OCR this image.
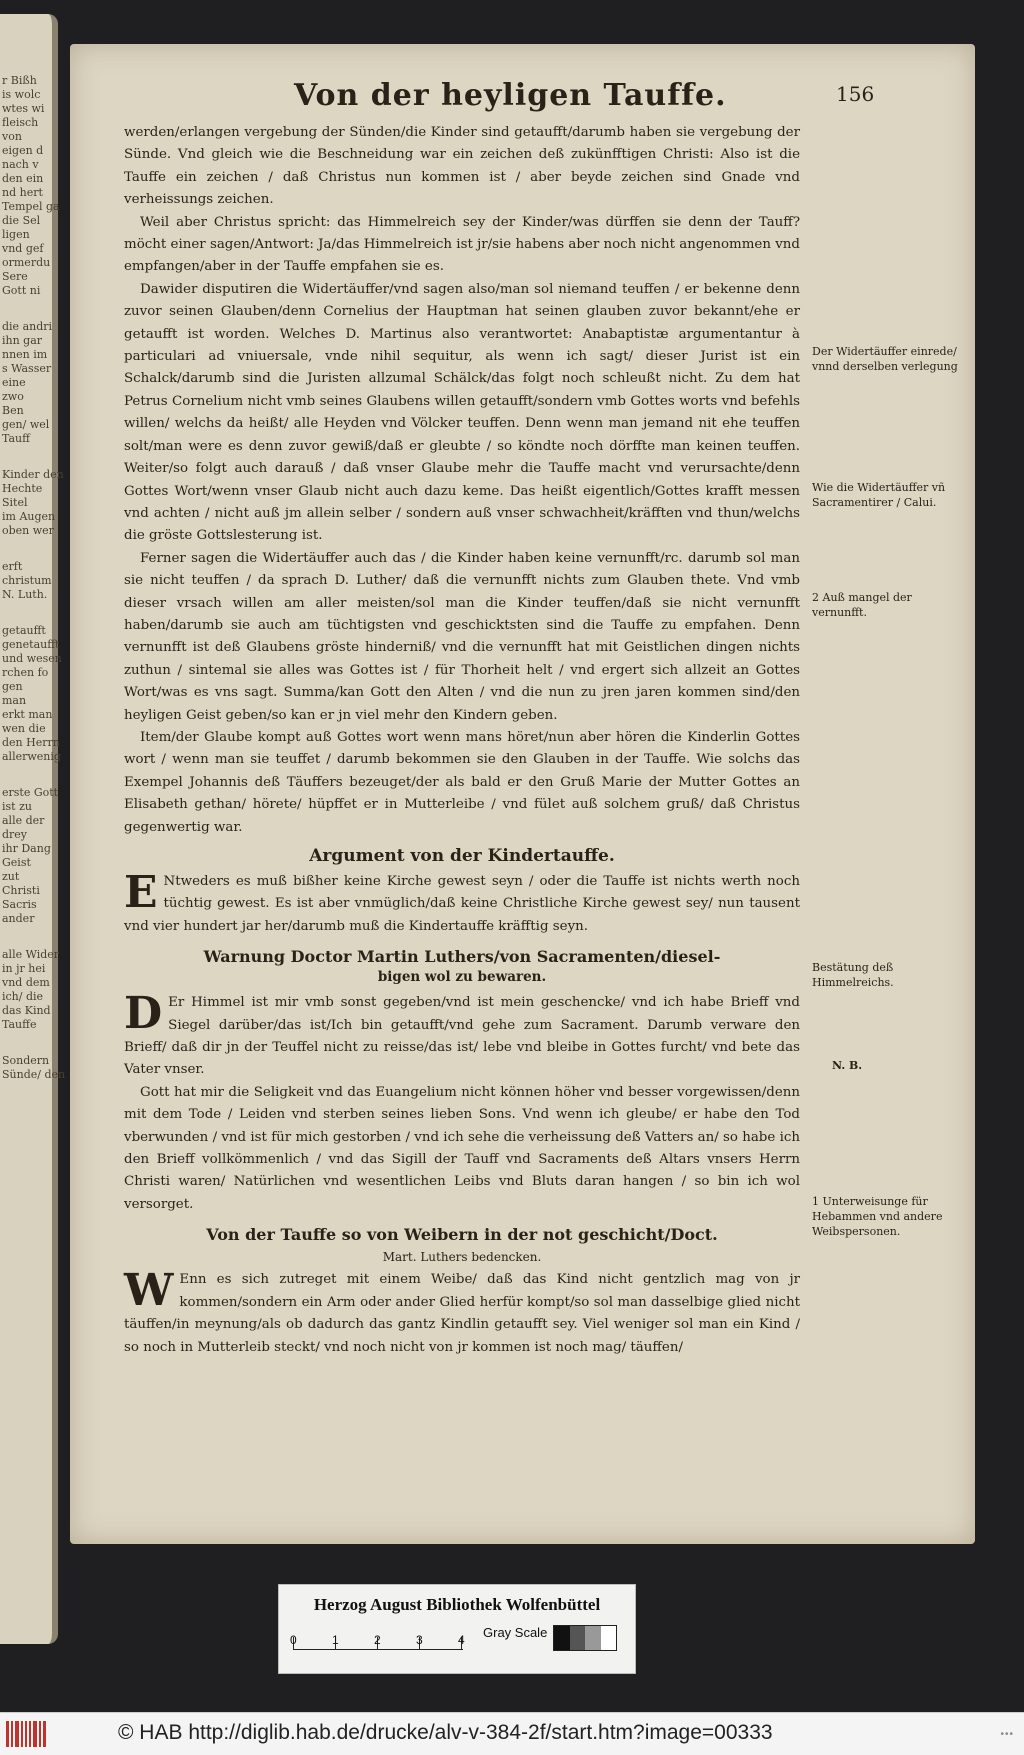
r Bißh

is wolc

wtes wi

fleisch

von

eigen d

nach v

den ein

nd hert

Tempel ga

die Sel

ligen

vnd gef

ormerdu

Sere

Gott ni

die andri

ihn gar

nnen im

s Wasser

eine

zwo

Ben

gen/ wel

Tauff

Kinder den

Hechte

Sitel

im Augen

oben wer

erft

christum

N. Luth.

getaufft

genetaufft

und wesen

rchen fo

gen

man

erkt man

wen die

den Herrn

allerwenig

erste Gott

ist zu

alle der

drey

ihr Dang

Geist

zut

Christi

Sacris

ander

alle Wider

in jr hei

vnd dem

ich/ die

das Kind

Tauffe

Sondern

Sünde/ den

Von der heyligen Tauffe.	156

werden/erlangen vergebung der Sünden/die Kinder sind getaufft/darumb haben sie vergebung der Sünde. Vnd gleich wie die Beschneidung war ein zeichen deß zukünfftigen Christi: Also ist die Tauffe ein zeichen / daß Christus nun kommen ist / aber beyde zeichen sind Gnade vnd verheissungs zeichen.

Weil aber Christus spricht: das Himmelreich sey der Kinder/was dürffen sie denn der Tauff? möcht einer sagen/Antwort: Ja/das Himmelreich ist jr/sie habens aber noch nicht angenommen vnd empfangen/aber in der Tauffe empfahen sie es.

Dawider disputiren die Widertäuffer/vnd sagen also/man sol niemand teuffen / er bekenne denn zuvor seinen Glauben/denn Cornelius der Hauptman hat seinen glauben zuvor bekannt/ehe er getaufft ist worden. Welches D. Martinus also verantwortet: Anabaptistæ argumentantur à particulari ad vniuersale, vnde nihil sequitur, als wenn ich sagt/ dieser Jurist ist ein Schalck/darumb sind die Juristen allzumal Schälck/das folgt noch schleußt nicht. Zu dem hat Petrus Cornelium nicht vmb seines Glaubens willen getaufft/sondern vmb Gottes worts vnd befehls willen/ welchs da heißt/ alle Heyden vnd Völcker teuffen. Denn wenn man jemand nit ehe teuffen solt/man were es denn zuvor gewiß/daß er gleubte / so köndte noch dörffte man keinen teuffen. Weiter/so folgt auch darauß / daß vnser Glaube mehr die Tauffe macht vnd verursachte/denn Gottes Wort/wenn vnser Glaub nicht auch dazu keme. Das heißt eigentlich/Gottes krafft messen vnd achten / nicht auß jm allein selber / sondern auß vnser schwachheit/kräfften vnd thun/welchs die gröste Gottslesterung ist.

Ferner sagen die Widertäuffer auch das / die Kinder haben keine vernunfft/rc. darumb sol man sie nicht teuffen / da sprach D. Luther/ daß die vernunfft nichts zum Glauben thete. Vnd vmb dieser vrsach willen am aller meisten/sol man die Kinder teuffen/daß sie nicht vernunfft haben/darumb sie auch am tüchtigsten vnd geschicktsten sind die Tauffe zu empfahen. Denn vernunfft ist deß Glaubens gröste hinderniß/ vnd die vernunfft hat mit Geistlichen dingen nichts zuthun / sintemal sie alles was Gottes ist / für Thorheit helt / vnd ergert sich allzeit an Gottes Wort/was es vns sagt. Summa/kan Gott den Alten / vnd die nun zu jren jaren kommen sind/den heyligen Geist geben/so kan er jn viel mehr den Kindern geben.

Item/der Glaube kompt auß Gottes wort wenn mans höret/nun aber hören die Kinderlin Gottes wort / wenn man sie teuffet / darumb bekommen sie den Glauben in der Tauffe. Wie solchs das Exempel Johannis deß Täuffers bezeuget/der als bald er den Gruß Marie der Mutter Gottes an Elisabeth gethan/ hörete/ hüpffet er in Mutterleibe / vnd fület auß solchem gruß/ daß Christus gegenwertig war.

Argument von der Kindertauffe.

E Ntweders es muß bißher keine Kirche gewest seyn / oder die Tauffe ist nichts werth noch tüchtig gewest. Es ist aber vnmüglich/daß keine Christliche Kirche gewest sey/ nun tausent vnd vier hundert jar her/darumb muß die Kindertauffe kräfftig seyn.

Warnung Doctor Martin Luthers/von Sacramenten/diesel-
bigen wol zu bewaren.

D Er Himmel ist mir vmb sonst gegeben/vnd ist mein geschencke/ vnd ich habe Brieff vnd Siegel darüber/das ist/Ich bin getaufft/vnd gehe zum Sacrament. Darumb verware den Brieff/ daß dir jn der Teuffel nicht zu reisse/das ist/ lebe vnd bleibe in Gottes furcht/ vnd bete das Vater vnser.

Gott hat mir die Seligkeit vnd das Euangelium nicht können höher vnd besser vorgewissen/denn mit dem Tode / Leiden vnd sterben seines lieben Sons. Vnd wenn ich gleube/ er habe den Tod vberwunden / vnd ist für mich gestorben / vnd ich sehe die verheissung deß Vatters an/ so habe ich den Brieff vollkömmenlich / vnd das Sigill der Tauff vnd Sacraments deß Altars vnsers Herrn Christi waren/ Natürlichen vnd wesentlichen Leibs vnd Bluts daran hangen / so bin ich wol versorget.

Von der Tauffe so von Weibern in der not geschicht/Doct.

Mart. Luthers bedencken.

W Enn es sich zutreget mit einem Weibe/ daß das Kind nicht gentzlich mag von jr kommen/sondern ein Arm oder ander Glied herfür kompt/so sol man dasselbige glied nicht täuffen/in meynung/als ob dadurch das gantz Kindlin getaufft sey. Viel weniger sol man ein Kind / so noch in Mutterleib steckt/ vnd noch nicht von jr kommen ist noch mag/ täuffen/

Der Widertäuffer einrede/ vnnd derselben verlegung
Wie die Widertäuffer vñ Sacramentirer / Calui.
2 Auß mangel der vernunfft.
Bestätung deß Himmelreichs.
N. B.
1 Unterweisunge für Hebammen vnd andere Weibspersonen.
Herzog August Bibliothek Wolfenbüttel
0	1	2	3	4 Gray Scale
© HAB http://diglib.hab.de/drucke/alv-v-384-2f/start.htm?image=00333	•••
